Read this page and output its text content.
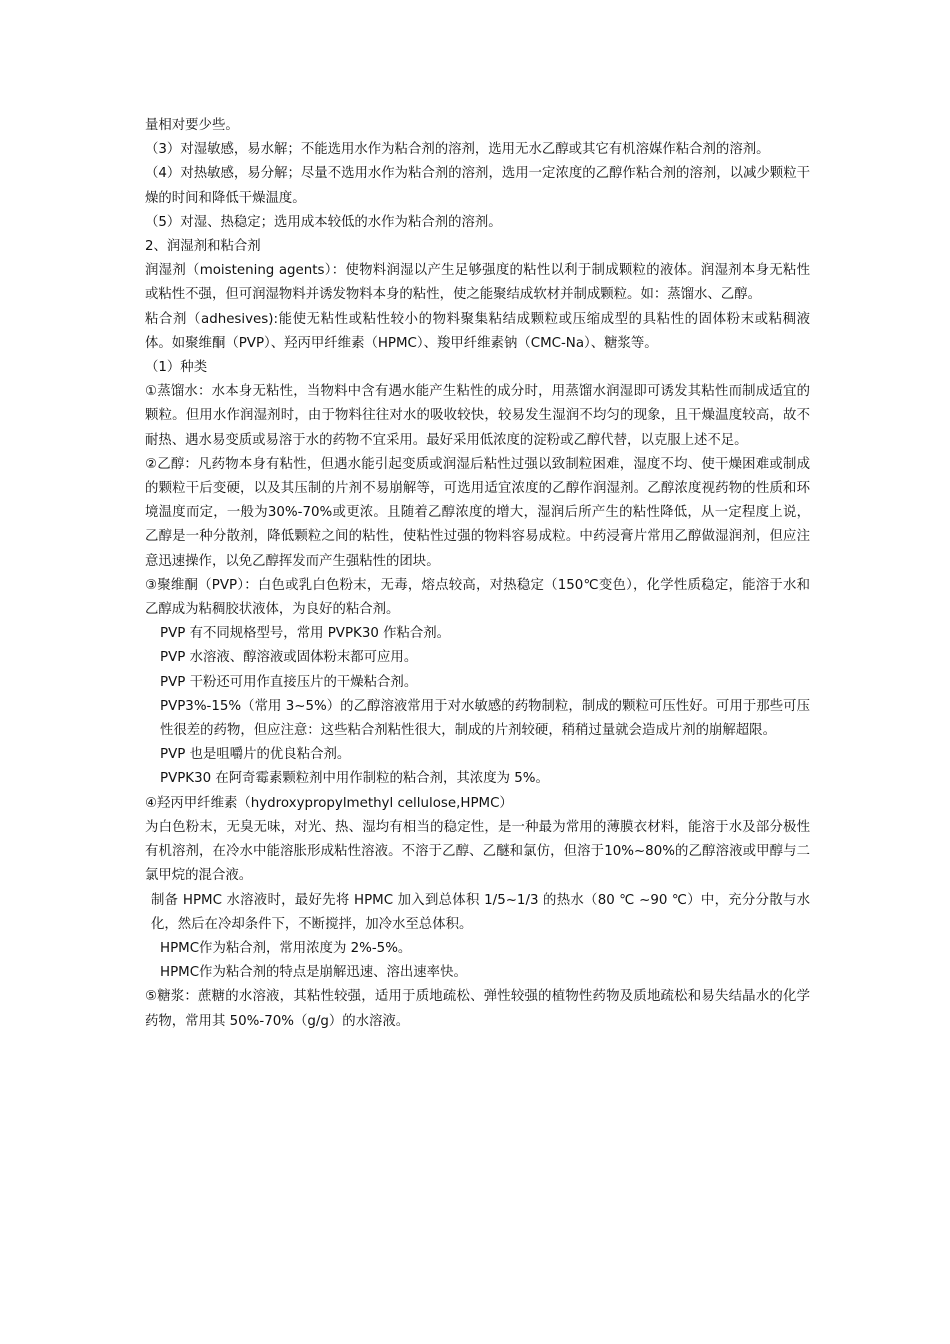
量相对要少些。

（3）对湿敏感，易水解；不能选用水作为粘合剂的溶剂，选用无水乙醇或其它有机溶媒作粘合剂的溶剂。

（4）对热敏感，易分解；尽量不选用水作为粘合剂的溶剂，选用一定浓度的乙醇作粘合剂的溶剂，以减少颗粒干燥的时间和降低干燥温度。

（5）对湿、热稳定；选用成本较低的水作为粘合剂的溶剂。

2、润湿剂和粘合剂

润湿剂（moistening agents）：使物料润湿以产生足够强度的粘性以利于制成颗粒的液体。润湿剂本身无粘性或粘性不强，但可润湿物料并诱发物料本身的粘性，使之能聚结成软材并制成颗粒。如：蒸馏水、乙醇。

粘合剂（adhesives):能使无粘性或粘性较小的物料聚集粘结成颗粒或压缩成型的具粘性的固体粉末或粘稠液体。如聚维酮（PVP）、羟丙甲纤维素（HPMC）、羧甲纤维素钠（CMC-Na）、糖浆等。

（1）种类

①蒸馏水：水本身无粘性，当物料中含有遇水能产生粘性的成分时，用蒸馏水润湿即可诱发其粘性而制成适宜的颗粒。但用水作润湿剂时，由于物料往往对水的吸收较快，较易发生湿润不均匀的现象，且干燥温度较高，故不耐热、遇水易变质或易溶于水的药物不宜采用。最好采用低浓度的淀粉或乙醇代替，以克服上述不足。

②乙醇：凡药物本身有粘性，但遇水能引起变质或润湿后粘性过强以致制粒困难，湿度不均、使干燥困难或制成的颗粒干后变硬，以及其压制的片剂不易崩解等，可选用适宜浓度的乙醇作润湿剂。乙醇浓度视药物的性质和环境温度而定，一般为30%-70%或更浓。且随着乙醇浓度的增大，湿润后所产生的粘性降低，从一定程度上说，乙醇是一种分散剂，降低颗粒之间的粘性，使粘性过强的物料容易成粒。中药浸膏片常用乙醇做湿润剂，但应注意迅速操作，以免乙醇挥发而产生强粘性的团块。

③聚维酮（PVP）：白色或乳白色粉末，无毒，熔点较高，对热稳定（150℃变色），化学性质稳定，能溶于水和乙醇成为粘稠胶状液体，为良好的粘合剂。

PVP 有不同规格型号，常用 PVPK30 作粘合剂。

PVP 水溶液、醇溶液或固体粉末都可应用。

PVP 干粉还可用作直接压片的干燥粘合剂。

PVP3%-15%（常用 3~5%）的乙醇溶液常用于对水敏感的药物制粒，制成的颗粒可压性好。可用于那些可压性很差的药物，但应注意：这些粘合剂粘性很大，制成的片剂较硬，稍稍过量就会造成片剂的崩解超限。

PVP 也是咀嚼片的优良粘合剂。

PVPK30 在阿奇霉素颗粒剂中用作制粒的粘合剂，其浓度为 5%。

④羟丙甲纤维素（hydroxypropylmethyl cellulose,HPMC）

为白色粉末，无臭无味，对光、热、湿均有相当的稳定性，是一种最为常用的薄膜衣材料，能溶于水及部分极性有机溶剂，在冷水中能溶胀形成粘性溶液。不溶于乙醇、乙醚和氯仿，但溶于10%~80%的乙醇溶液或甲醇与二氯甲烷的混合液。

制备 HPMC 水溶液时，最好先将 HPMC 加入到总体积 1/5~1/3 的热水（80 ℃ ~90 ℃）中，充分分散与水化，然后在冷却条件下，不断搅拌，加冷水至总体积。

HPMC作为粘合剂，常用浓度为 2%-5%。

HPMC作为粘合剂的特点是崩解迅速、溶出速率快。

⑤糖浆：蔗糖的水溶液，其粘性较强，适用于质地疏松、弹性较强的植物性药物及质地疏松和易失结晶水的化学药物，常用其 50%-70%（g/g）的水溶液。
